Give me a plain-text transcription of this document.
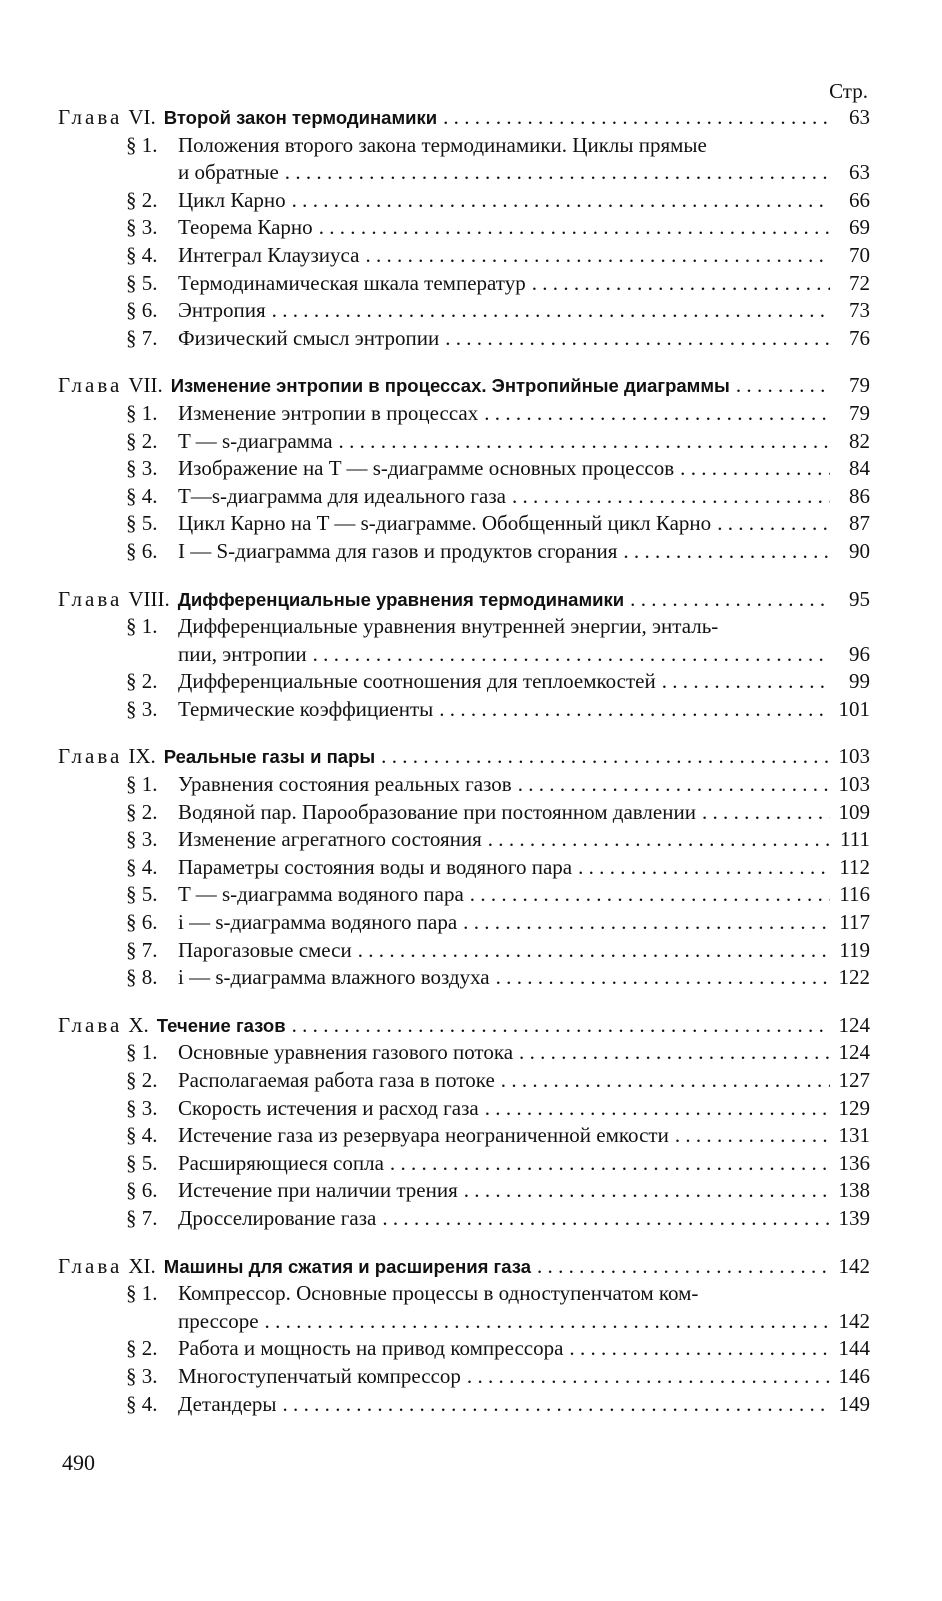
Стр.
Глава VI. Второй закон термодинамики . . .	63
§ 1. Положения второго закона термодинамики. Циклы прямые
и обратные . . .	63
§ 2. Цикл Карно . . .	66
§ 3. Теорема Карно . . .	69
§ 4. Интеграл Клаузиуса . . .	70
§ 5. Термодинамическая шкала температур . . .	72
§ 6. Энтропия . . .	73
§ 7. Физический смысл энтропии . . .	76
Глава VII. Изменение энтропии в процессах. Энтропийные диаграммы . . .	79
§ 1. Изменение энтропии в процессах . . .	79
§ 2. T — s-диаграмма . . .	82
§ 3. Изображение на T — s-диаграмме основных процессов . . .	84
§ 4. T—s-диаграмма для идеального газа . . .	86
§ 5. Цикл Карно на T — s-диаграмме. Обобщенный цикл Карно . . .	87
§ 6. I — S-диаграмма для газов и продуктов сгорания . . .	90
Глава VIII. Дифференциальные уравнения термодинамики . . .	95
§ 1. Дифференциальные уравнения внутренней энергии, энталь-
пии, энтропии . . .	96
§ 2. Дифференциальные соотношения для теплоемкостей . . .	99
§ 3. Термические коэффициенты . . .	101
Глава IX. Реальные газы и пары . . .	103
§ 1. Уравнения состояния реальных газов . . .	103
§ 2. Водяной пар. Парообразование при постоянном давлении . . .	109
§ 3. Изменение агрегатного состояния . . .	111
§ 4. Параметры состояния воды и водяного пара . . .	112
§ 5. T — s-диаграмма водяного пара . . .	116
§ 6. i — s-диаграмма водяного пара . . .	117
§ 7. Парогазовые смеси . . .	119
§ 8. i — s-диаграмма влажного воздуха . . .	122
Глава X. Течение газов . . .	124
§ 1. Основные уравнения газового потока . . .	124
§ 2. Располагаемая работа газа в потоке . . .	127
§ 3. Скорость истечения и расход газа . . .	129
§ 4. Истечение газа из резервуара неограниченной емкости . . .	131
§ 5. Расширяющиеся сопла . . .	136
§ 6. Истечение при наличии трения . . .	138
§ 7. Дросселирование газа . . .	139
Глава XI. Машины для сжатия и расширения газа . . .	142
§ 1. Компрессор. Основные процессы в одноступенчатом ком-
прессоре . . .	142
§ 2. Работа и мощность на привод компрессора . . .	144
§ 3. Многоступенчатый компрессор . . .	146
§ 4. Детандеры . . .	149
490
